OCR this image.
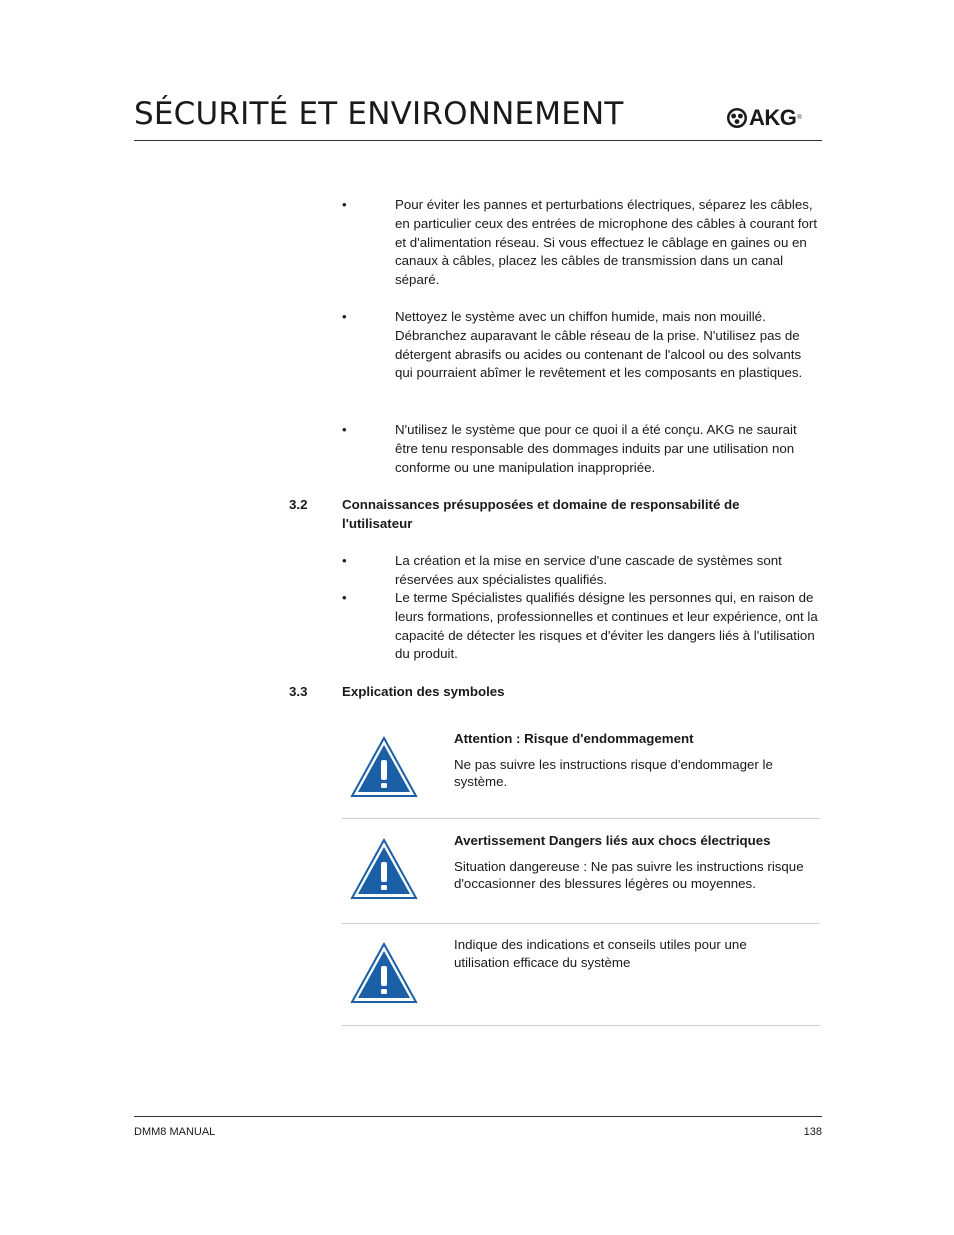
SÉCURITÉ ET ENVIRONNEMENT	AKG ®
•	Pour éviter les pannes et perturbations électriques, séparez les câbles, en particulier ceux des entrées de microphone des câbles à courant fort et d'alimentation réseau. Si vous effectuez le câblage en gaines ou en canaux à câbles, placez les câbles de transmission dans un canal séparé.
•	Nettoyez le système avec un chiffon humide, mais non mouillé. Débranchez auparavant le câble réseau de la prise. N'utilisez pas de détergent abrasifs ou acides ou contenant de l'alcool ou des solvants qui pourraient abîmer le revêtement et les composants en plastiques.
•	N'utilisez le système que pour ce quoi il a été conçu. AKG ne saurait être tenu responsable des dommages induits par une utilisation non conforme ou une manipulation inappropriée.
3.2	Connaissances présupposées et domaine de responsabilité de l'utilisateur
•	La création et la mise en service d'une cascade de systèmes sont réservées aux spécialistes qualifiés.
•	Le terme Spécialistes qualifiés désigne les personnes qui, en raison de leurs formations, professionnelles et continues et leur expérience, ont la capacité de détecter les risques et d'éviter les dangers liés à l'utilisation du produit.
3.3	Explication des symboles
Attention : Risque d'endommagement
Ne pas suivre les instructions risque d'endommager le système.
Avertissement Dangers liés aux chocs électriques
Situation dangereuse : Ne pas suivre les instructions risque d'occasionner des blessures légères ou moyennes.
Indique des indications et conseils utiles pour une utilisation efficace du système
DMM8 MANUAL	138
